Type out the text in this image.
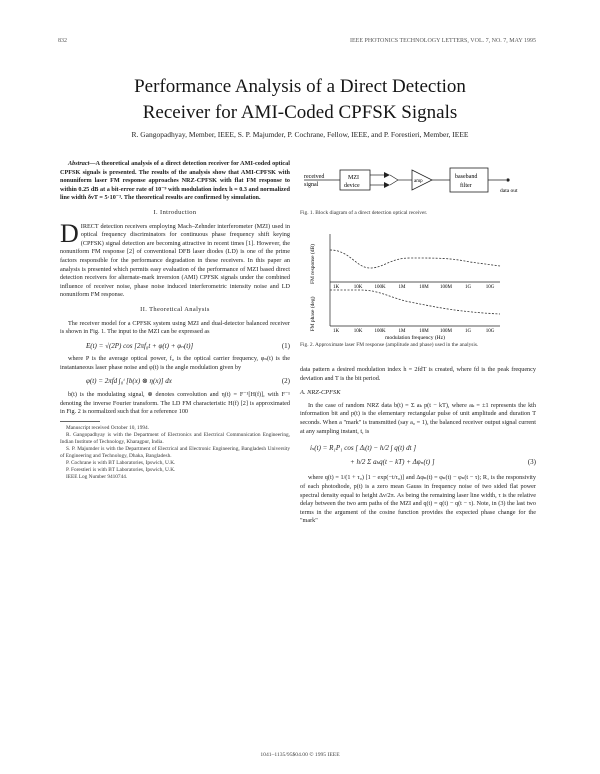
832	IEEE PHOTONICS TECHNOLOGY LETTERS, VOL. 7, NO. 7, MAY 1995
Performance Analysis of a Direct Detection
Receiver for AMI-Coded CPFSK Signals
R. Gangopadhyay, Member, IEEE, S. P. Majumder, P. Cochrane, Fellow, IEEE, and P. Forestieri, Member, IEEE

Abstract—A theoretical analysis of a direct detection receiver for AMI-coded optical CPFSK signals is presented. The results of the analysis show that AMI-CPFSK with nonuniform laser FM response approaches NRZ-CPFSK with flat FM response to within 0.25 dB at a bit-error rate of 10⁻⁹ with modulation index h = 0.3 and normalized line width δνT = 5·10⁻³. The theoretical results are confirmed by simulation.

I. Introduction

DIRECT detection receivers employing Mach–Zehnder interferometer (MZI) used in optical frequency discriminators for continuous phase frequency shift keying (CPFSK) signal detection are becoming attractive in recent times [1]. However, the nonuniform FM response [2] of conventional DFB laser diodes (LD) is one of the prime factors responsible for the performance degradation in these receivers. In this paper an analysis is presented which permits easy evaluation of the performance of MZI based direct detection receivers for alternate-mark inversion (AMI) CPFSK signals under the combined influence of receiver noise, phase noise induced interferometric intensity noise and LD nonuniform FM response.

II. Theoretical Analysis

The receiver model for a CPFSK system using MZI and dual-detector balanced receiver is shown in Fig. 1. The input to the MZI can be expressed as

E(t) = √(2P) cos [2πf₀t + φ(t) + φₙ(t)]	(1)

where P is the average optical power, f₀ is the optical carrier frequency, φₙ(t) is the instantaneous laser phase noise and φ(t) is the angle modulation given by

φ(t) = 2πfd ∫₀ᵗ [b(x) ⊗ η(x)] dx	(2)

b(t) is the modulating signal, ⊗ denotes convolution and η(t) = F⁻¹[H(f)], with F⁻¹ denoting the inverse Fourier transform. The LD FM characteristic H(f) [2] is approximated in Fig. 2 is normalized such that for a reference 100

Manuscript received October 10, 1994.

R. Gangopadhyay is with the Department of Electronics and Electrical Communication Engineering, Indian Institute of Technology, Kharagpur, India.

S. P. Majumder is with the Department of Electrical and Electronic Engineering, Bangladesh University of Engineering and Technology, Dhaka, Bangladesh.

P. Cochrane is with BT Laboratories, Ipswich, U.K.

P. Forestieri is with BT Laboratories, Ipswich, U.K.

IEEE Log Number 9410744.

received
signal
MZI
device
amp
baseband
filter
data out
Fig. 1. Block diagram of a direct detection optical receiver.
FM response (dB)
FM phase (deg)
1K	10K 100K	1M	10M 100M	1G	10G
1K	10K 100K	1M	10M 100M	1G	10G
modulation frequency (Hz)
Fig. 2. Approximate laser FM response (amplitude and phase) used in the analysis.

data pattern a desired modulation index h = 2fdT is created, where fd is the peak frequency deviation and T is the bit period.

A. NRZ-CPFSK

In the case of random NRZ data b(t) = Σ aₖ p(t − kT), where aₖ = ±1 represents the kth information bit and p(t) is the elementary rectangular pulse of unit amplitude and duration T seconds. When a "mark" is transmitted (say a₀ = 1), the balanced receiver output signal current at any sampling instant, t, is

iₛ(t) = R₁P₁ cos [ Δᵢ(t) − h/2 ∫ q(t) dt ]
+ h/2 Σ aₖq(t − kT) + Δφₙ(t) ]	(3)

where q(t) = 1/(1 + τ₀) [1 − exp(−t/τ₀)] and Δφₙ(t) = φₙ(t) − φₙ(t − τ); R₁ is the responsivity of each photodiode, p(t) is a zero mean Gauss in frequency noise of two sided flat power spectral density equal to height Δν/2π. As being the remaining laser line width, τ is the relative delay between the two arm paths of the MZI and q(t) = q(t) − q(t − τ). Note, in (3) the last two terms in the argument of the cosine function provides the expected phase change for the "mark"

1041–1135/95$04.00 © 1995 IEEE
